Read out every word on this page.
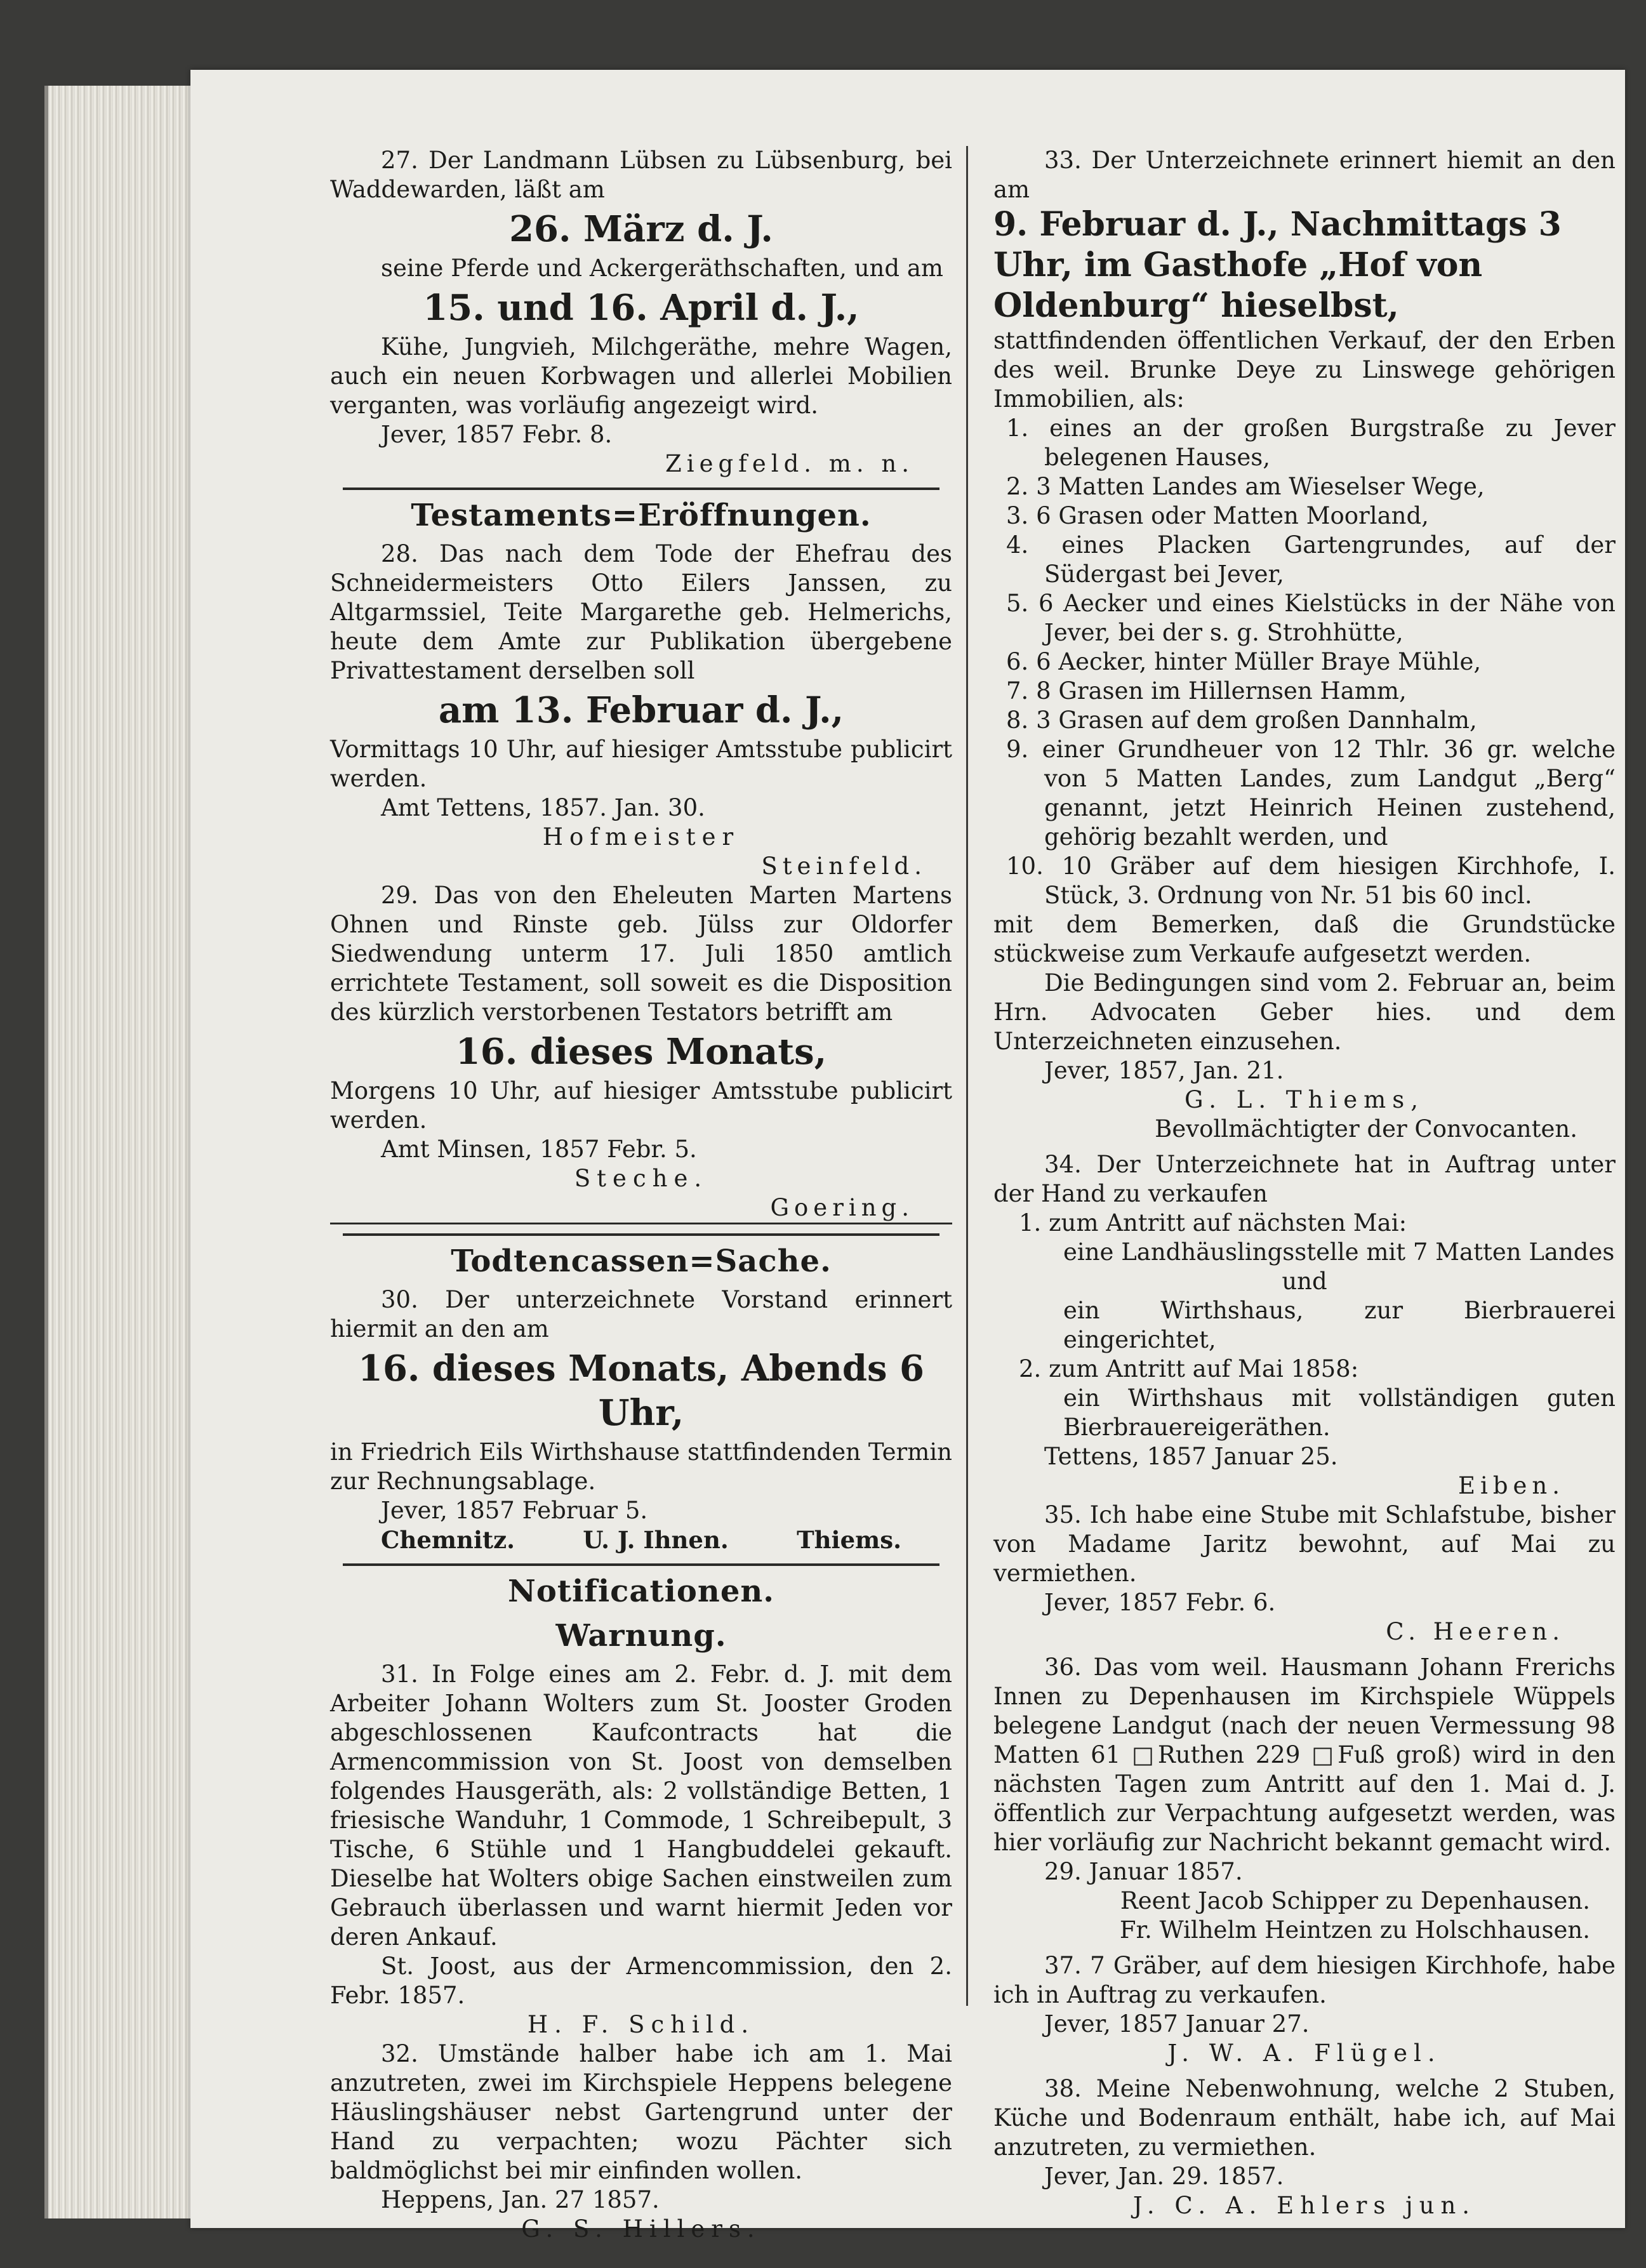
27. Der Landmann Lübsen zu Lübsenburg, bei Waddewarden, läßt am

26. März d. J.

seine Pferde und Ackergeräthschaften, und am

15. und 16. April d. J.,

Kühe, Jungvieh, Milchgeräthe, mehre Wagen, auch ein neuen Korbwagen und allerlei Mobilien verganten, was vorläufig angezeigt wird.

Jever, 1857 Febr. 8.

Ziegfeld. m. n.

Testaments=Eröffnungen.

28. Das nach dem Tode der Ehefrau des Schneidermeisters Otto Eilers Janssen, zu Altgarmssiel, Teite Margarethe geb. Helmerichs, heute dem Amte zur Publikation übergebene Privattestament derselben soll

am 13. Februar d. J.,

Vormittags 10 Uhr, auf hiesiger Amtsstube publicirt werden.

Amt Tettens, 1857. Jan. 30.

Hofmeister

Steinfeld.

29. Das von den Eheleuten Marten Martens Ohnen und Rinste geb. Jülss zur Oldorfer Siedwendung unterm 17. Juli 1850 amtlich errichtete Testament, soll soweit es die Disposition des kürzlich verstorbenen Testators betrifft am

16. dieses Monats,

Morgens 10 Uhr, auf hiesiger Amtsstube publicirt werden.

Amt Minsen, 1857 Febr. 5.

Steche.

Goering.

Todtencassen=Sache.

30. Der unterzeichnete Vorstand erinnert hiermit an den am

16. dieses Monats, Abends 6 Uhr,

in Friedrich Eils Wirthshause stattfindenden Termin zur Rechnungsablage.

Jever, 1857 Februar 5.

Chemnitz.	U. J. Ihnen.	Thiems.
Notificationen.
Warnung.

31. In Folge eines am 2. Febr. d. J. mit dem Arbeiter Johann Wolters zum St. Jooster Groden abgeschlossenen Kaufcontracts hat die Armencommission von St. Joost von demselben folgendes Hausgeräth, als: 2 vollständige Betten, 1 friesische Wanduhr, 1 Commode, 1 Schreibepult, 3 Tische, 6 Stühle und 1 Hangbuddelei gekauft. Dieselbe hat Wolters obige Sachen einstweilen zum Gebrauch überlassen und warnt hiermit Jeden vor deren Ankauf.

St. Joost, aus der Armencommission, den 2. Febr. 1857.

H. F. Schild.

32. Umstände halber habe ich am 1. Mai anzutreten, zwei im Kirchspiele Heppens belegene Häuslingshäuser nebst Gartengrund unter der Hand zu verpachten; wozu Pächter sich baldmöglichst bei mir einfinden wollen.

Heppens, Jan. 27 1857.

G. S. Hillers.

33. Der Unterzeichnete erinnert hiemit an den am

9. Februar d. J., Nachmittags 3 Uhr, im Gasthofe „Hof von Oldenburg“ hieselbst,

stattfindenden öffentlichen Verkauf, der den Erben des weil. Brunke Deye zu Linswege gehörigen Immobilien, als:

1. eines an der großen Burgstraße zu Jever belegenen Hauses,
2. 3 Matten Landes am Wieselser Wege,
3. 6 Grasen oder Matten Moorland,
4. eines Placken Gartengrundes, auf der Südergast bei Jever,
5. 6 Aecker und eines Kielstücks in der Nähe von Jever, bei der s. g. Strohhütte,
6. 6 Aecker, hinter Müller Braye Mühle,
7. 8 Grasen im Hillernsen Hamm,
8. 3 Grasen auf dem großen Dannhalm,
9. einer Grundheuer von 12 Thlr. 36 gr. welche von 5 Matten Landes, zum Landgut „Berg“ genannt, jetzt Heinrich Heinen zustehend, gehörig bezahlt werden, und
10. 10 Gräber auf dem hiesigen Kirchhofe, I. Stück, 3. Ordnung von Nr. 51 bis 60 incl.

mit dem Bemerken, daß die Grundstücke stückweise zum Verkaufe aufgesetzt werden.

Die Bedingungen sind vom 2. Februar an, beim Hrn. Advocaten Geber hies. und dem Unterzeichneten einzusehen.

Jever, 1857, Jan. 21.

G. L. Thiems,

Bevollmächtigter der Convocanten.

34. Der Unterzeichnete hat in Auftrag unter der Hand zu verkaufen

1. zum Antritt auf nächsten Mai:

eine Landhäuslingsstelle mit 7 Matten Landes

und

ein Wirthshaus, zur Bierbrauerei eingerichtet,

2. zum Antritt auf Mai 1858:

ein Wirthshaus mit vollständigen guten Bierbrauereigeräthen.

Tettens, 1857 Januar 25.

Eiben.

35. Ich habe eine Stube mit Schlafstube, bisher von Madame Jaritz bewohnt, auf Mai zu vermiethen.

Jever, 1857 Febr. 6.

C. Heeren.

36. Das vom weil. Hausmann Johann Frerichs Innen zu Depenhausen im Kirchspiele Wüppels belegene Landgut (nach der neuen Vermessung 98 Matten 61 □Ruthen 229 □Fuß groß) wird in den nächsten Tagen zum Antritt auf den 1. Mai d. J. öffentlich zur Verpachtung aufgesetzt werden, was hier vorläufig zur Nachricht bekannt gemacht wird.

29. Januar 1857.

Reent Jacob Schipper zu Depenhausen.

Fr. Wilhelm Heintzen zu Holschhausen.

37. 7 Gräber, auf dem hiesigen Kirchhofe, habe ich in Auftrag zu verkaufen.

Jever, 1857 Januar 27.

J. W. A. Flügel.

38. Meine Nebenwohnung, welche 2 Stuben, Küche und Bodenraum enthält, habe ich, auf Mai anzutreten, zu vermiethen.

Jever, Jan. 29. 1857.

J. C. A. Ehlers jun.
